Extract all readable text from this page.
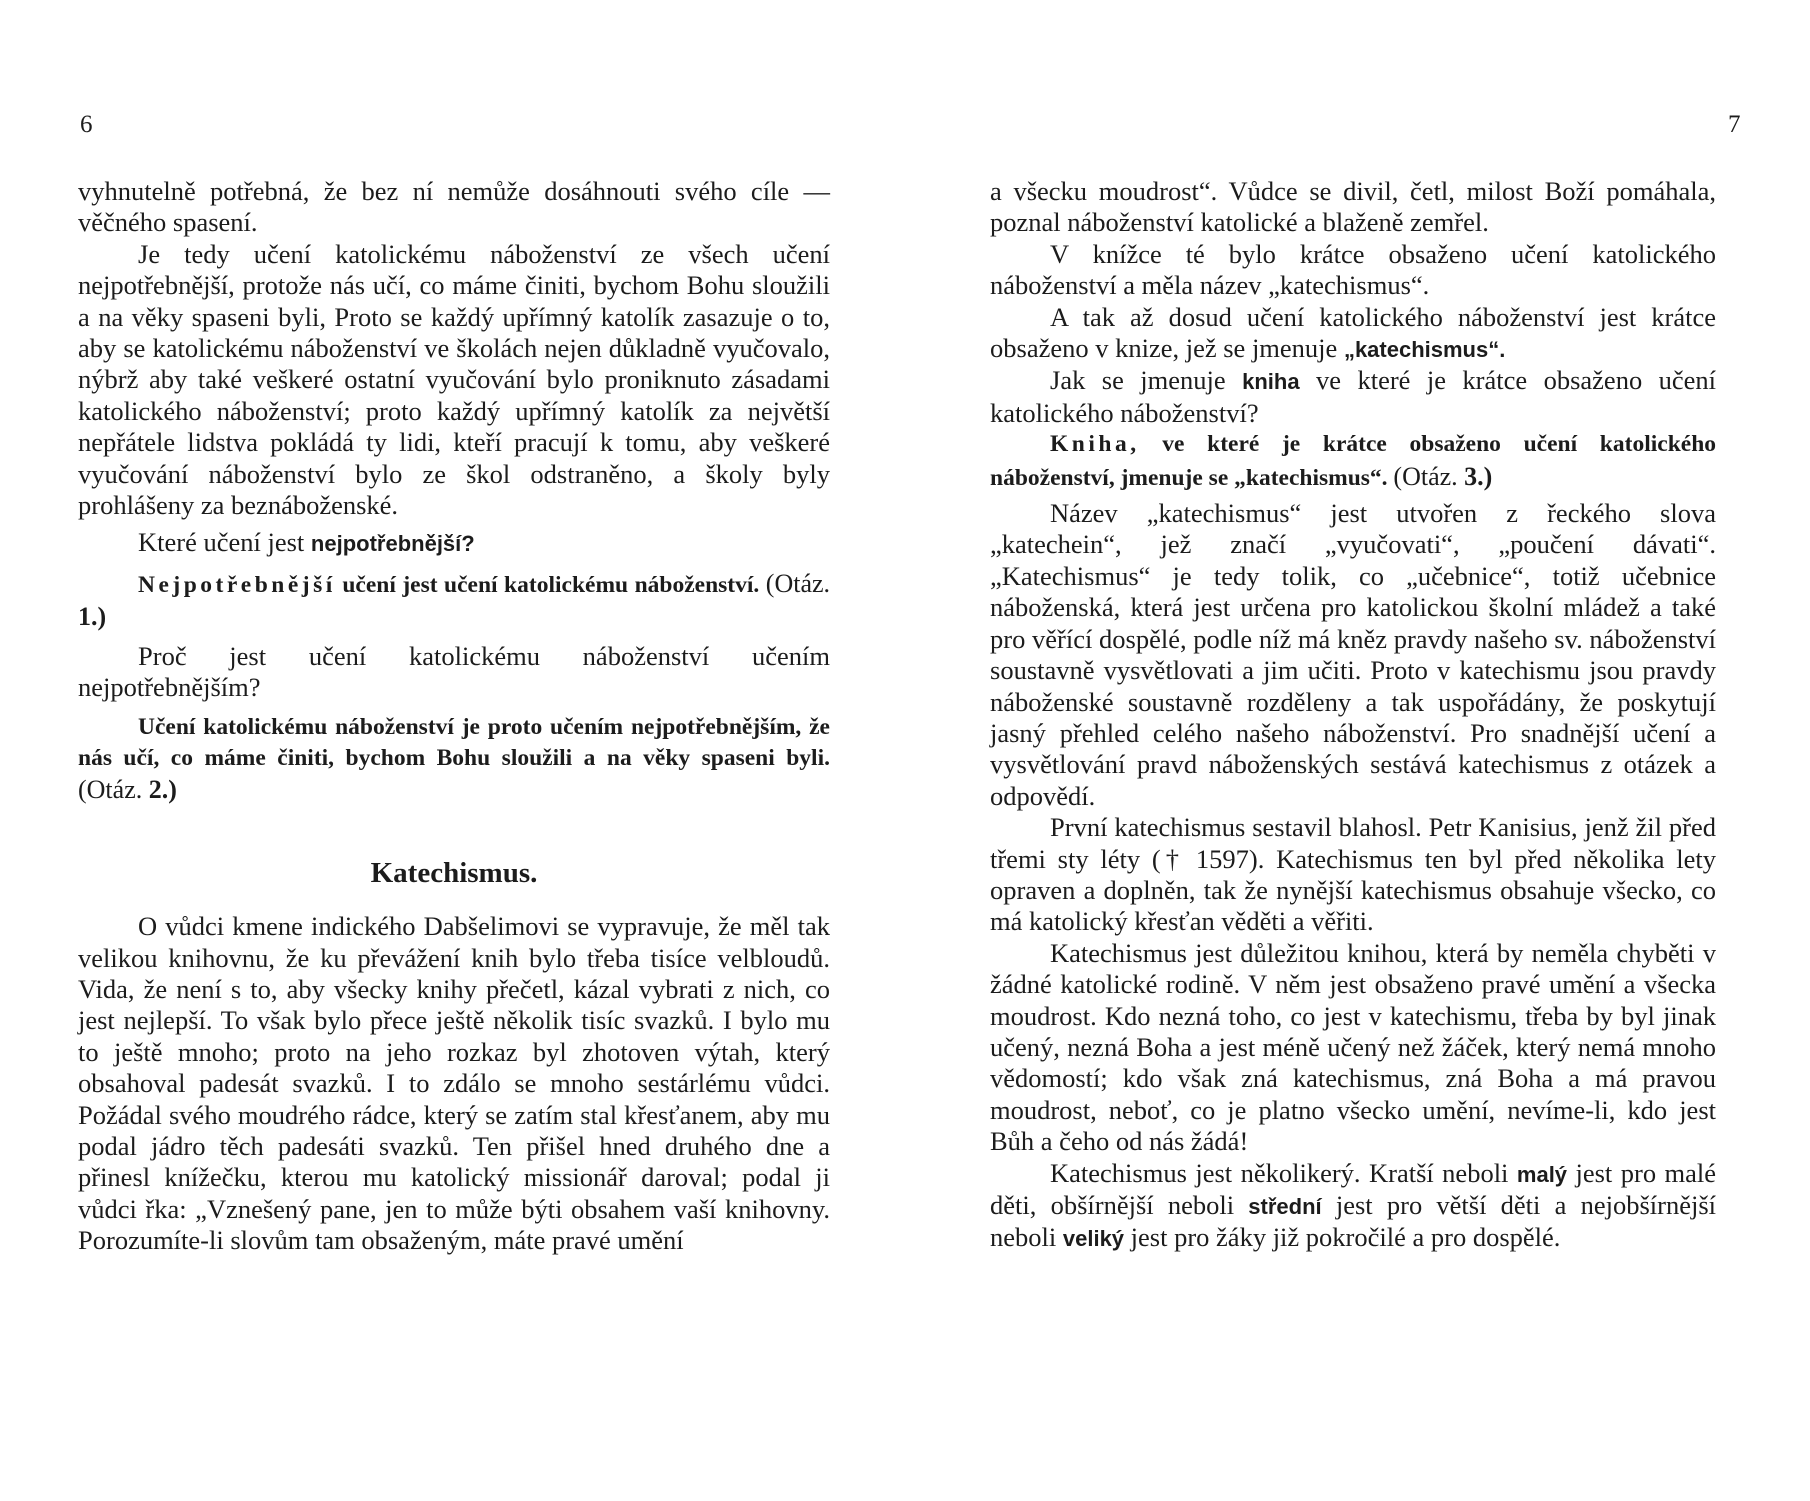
6	7

vyhnutelně potřebná, že bez ní nemůže dosáhnouti svého cíle — věčného spasení.

Je tedy učení katolickému náboženství ze všech učení nejpotřebnější, protože nás učí, co máme činiti, bychom Bohu sloužili a na věky spaseni byli, Proto se každý upřímný katolík zasazuje o to, aby se katolickému náboženství ve školách nejen důkladně vyučovalo, nýbrž aby také veškeré ostatní vyučování bylo proniknuto zásadami katolického náboženství; proto každý upřímný katolík za největší nepřátele lidstva pokládá ty lidi, kteří pracují k tomu, aby veškeré vyučování náboženství bylo ze škol odstraněno, a školy byly prohlášeny za beznáboženské.

Které učení jest nejpotřebnější?

Nejpotřebnější učení jest učení katolickému náboženství. (Otáz. 1.)

Proč jest učení katolickému náboženství učením nejpotřebnějším?

Učení katolickému náboženství je proto učením nejpotřebnějším, že nás učí, co máme činiti, bychom Bohu sloužili a na věky spaseni byli. (Otáz. 2.)

Katechismus.

O vůdci kmene indického Dabšelimovi se vypravuje, že měl tak velikou knihovnu, že ku převážení knih bylo třeba tisíce velbloudů. Vida, že není s to, aby všecky knihy přečetl, kázal vybrati z nich, co jest nejlepší. To však bylo přece ještě několik tisíc svazků. I bylo mu to ještě mnoho; proto na jeho rozkaz byl zhotoven výtah, který obsahoval padesát svazků. I to zdálo se mnoho sestárlému vůdci. Požádal svého moudrého rádce, který se zatím stal křesťanem, aby mu podal jádro těch padesáti svazků. Ten přišel hned druhého dne a přinesl knížečku, kterou mu katolický missionář daroval; podal ji vůdci řka: „Vznešený pane, jen to může býti obsahem vaší knihovny. Porozumíte-li slovům tam obsaženým, máte pravé umění

a všecku moudrost“. Vůdce se divil, četl, milost Boží pomáhala, poznal náboženství katolické a blaženě zemřel.

V knížce té bylo krátce obsaženo učení katolického náboženství a měla název „katechismus“.

A tak až dosud učení katolického náboženství jest krátce obsaženo v knize, jež se jmenuje „katechismus“.

Jak se jmenuje kniha ve které je krátce obsaženo učení katolického náboženství?

Kniha, ve které je krátce obsaženo učení katolického náboženství, jmenuje se „katechismus“. (Otáz. 3.)

Název „katechismus“ jest utvořen z řeckého slova „katechein“, jež značí „vyučovati“, „poučení dávati“. „Katechismus“ je tedy tolik, co „učebnice“, totiž učebnice náboženská, která jest určena pro katolickou školní mládež a také pro věřící dospělé, podle níž má kněz pravdy našeho sv. náboženství soustavně vysvětlovati a jim učiti. Proto v katechismu jsou pravdy náboženské soustavně rozděleny a tak uspořádány, že poskytují jasný přehled celého našeho náboženství. Pro snadnější učení a vysvětlování pravd náboženských sestává katechismus z otázek a odpovědí.

První katechismus sestavil blahosl. Petr Kanisius, jenž žil před třemi sty léty († 1597). Katechismus ten byl před několika lety opraven a doplněn, tak že nynější katechismus obsahuje všecko, co má katolický křesťan věděti a věřiti.

Katechismus jest důležitou knihou, která by neměla chyběti v žádné katolické rodině. V něm jest obsaženo pravé umění a všecka moudrost. Kdo nezná toho, co jest v katechismu, třeba by byl jinak učený, nezná Boha a jest méně učený než žáček, který nemá mnoho vědomostí; kdo však zná katechismus, zná Boha a má pravou moudrost, neboť, co je platno všecko umění, nevíme-li, kdo jest Bůh a čeho od nás žádá!

Katechismus jest několikerý. Kratší neboli malý jest pro malé děti, obšírnější neboli střední jest pro větší děti a nejobšírnější neboli veliký jest pro žáky již pokročilé a pro dospělé.
